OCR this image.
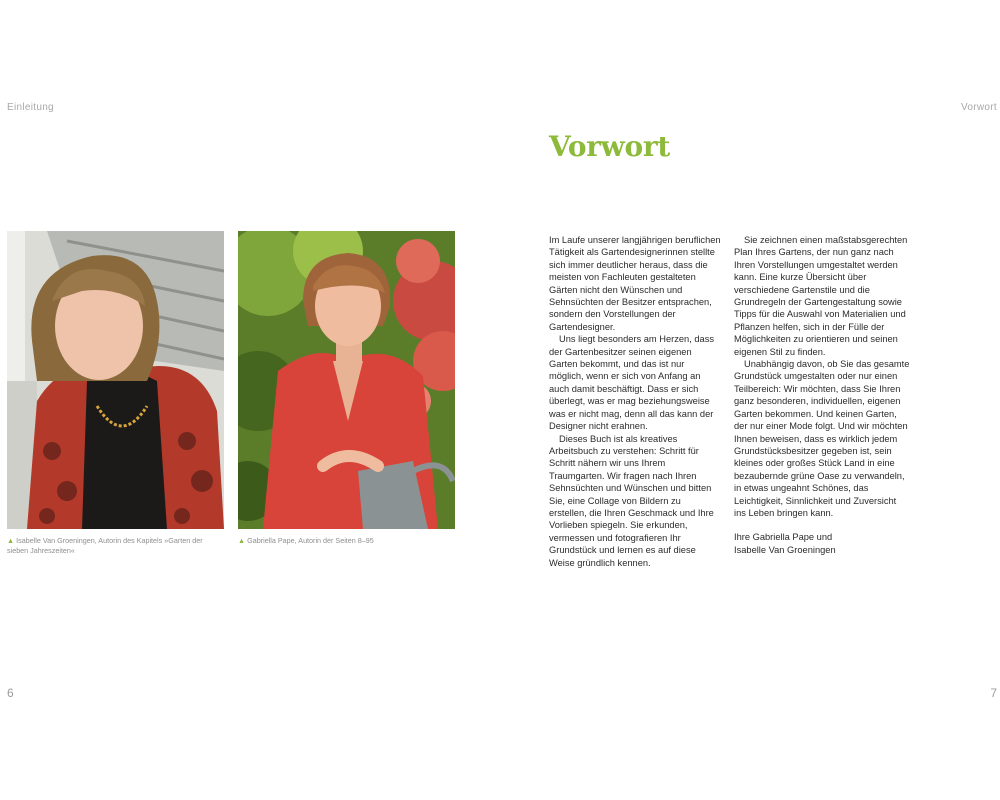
Einleitung
▲ Isabelle Van Groeningen, Autorin des Kapitels »Garten der sieben Jahreszeiten«
▲ Gabriella Pape, Autorin der Seiten 8–95
6
Vorwort
Vorwort

Im Laufe unserer langjährigen beruflichen Tätigkeit als Gartendesignerinnen stellte sich immer deutlicher heraus, dass die meisten von Fachleuten gestalteten Gärten nicht den Wünschen und Sehnsüchten der Besitzer entsprachen, sondern den Vorstellungen der Gartendesigner.

Uns liegt besonders am Herzen, dass der Gartenbesitzer seinen eigenen Garten bekommt, und das ist nur möglich, wenn er sich von Anfang an auch damit beschäftigt. Dass er sich überlegt, was er mag beziehungsweise was er nicht mag, denn all das kann der Designer nicht erahnen.

Dieses Buch ist als kreatives Arbeitsbuch zu verstehen: Schritt für Schritt nähern wir uns Ihrem Traumgarten. Wir fragen nach Ihren Sehnsüchten und Wünschen und bitten Sie, eine Collage von Bildern zu erstellen, die Ihren Geschmack und Ihre Vorlieben spiegeln. Sie erkunden, vermessen und fotografieren Ihr Grundstück und lernen es auf diese Weise gründlich kennen.

Sie zeichnen einen maßstabsgerechten Plan Ihres Gartens, der nun ganz nach Ihren Vorstellungen umgestaltet werden kann. Eine kurze Übersicht über verschiedene Gartenstile und die Grundregeln der Gartengestaltung sowie Tipps für die Auswahl von Materialien und Pflanzen helfen, sich in der Fülle der Möglichkeiten zu orientieren und seinen eigenen Stil zu finden.

Unabhängig davon, ob Sie das gesamte Grundstück umgestalten oder nur einen Teilbereich: Wir möchten, dass Sie Ihren ganz besonderen, individuellen, eigenen Garten bekommen. Und keinen Garten, der nur einer Mode folgt. Und wir möchten Ihnen beweisen, dass es wirklich jedem Grundstücksbesitzer gegeben ist, sein kleines oder großes Stück Land in eine bezaubernde grüne Oase zu verwandeln, in etwas ungeahnt Schönes, das Leichtigkeit, Sinnlichkeit und Zuversicht ins Leben bringen kann.

Ihre Gabriella Pape und
Isabelle Van Groeningen

7
